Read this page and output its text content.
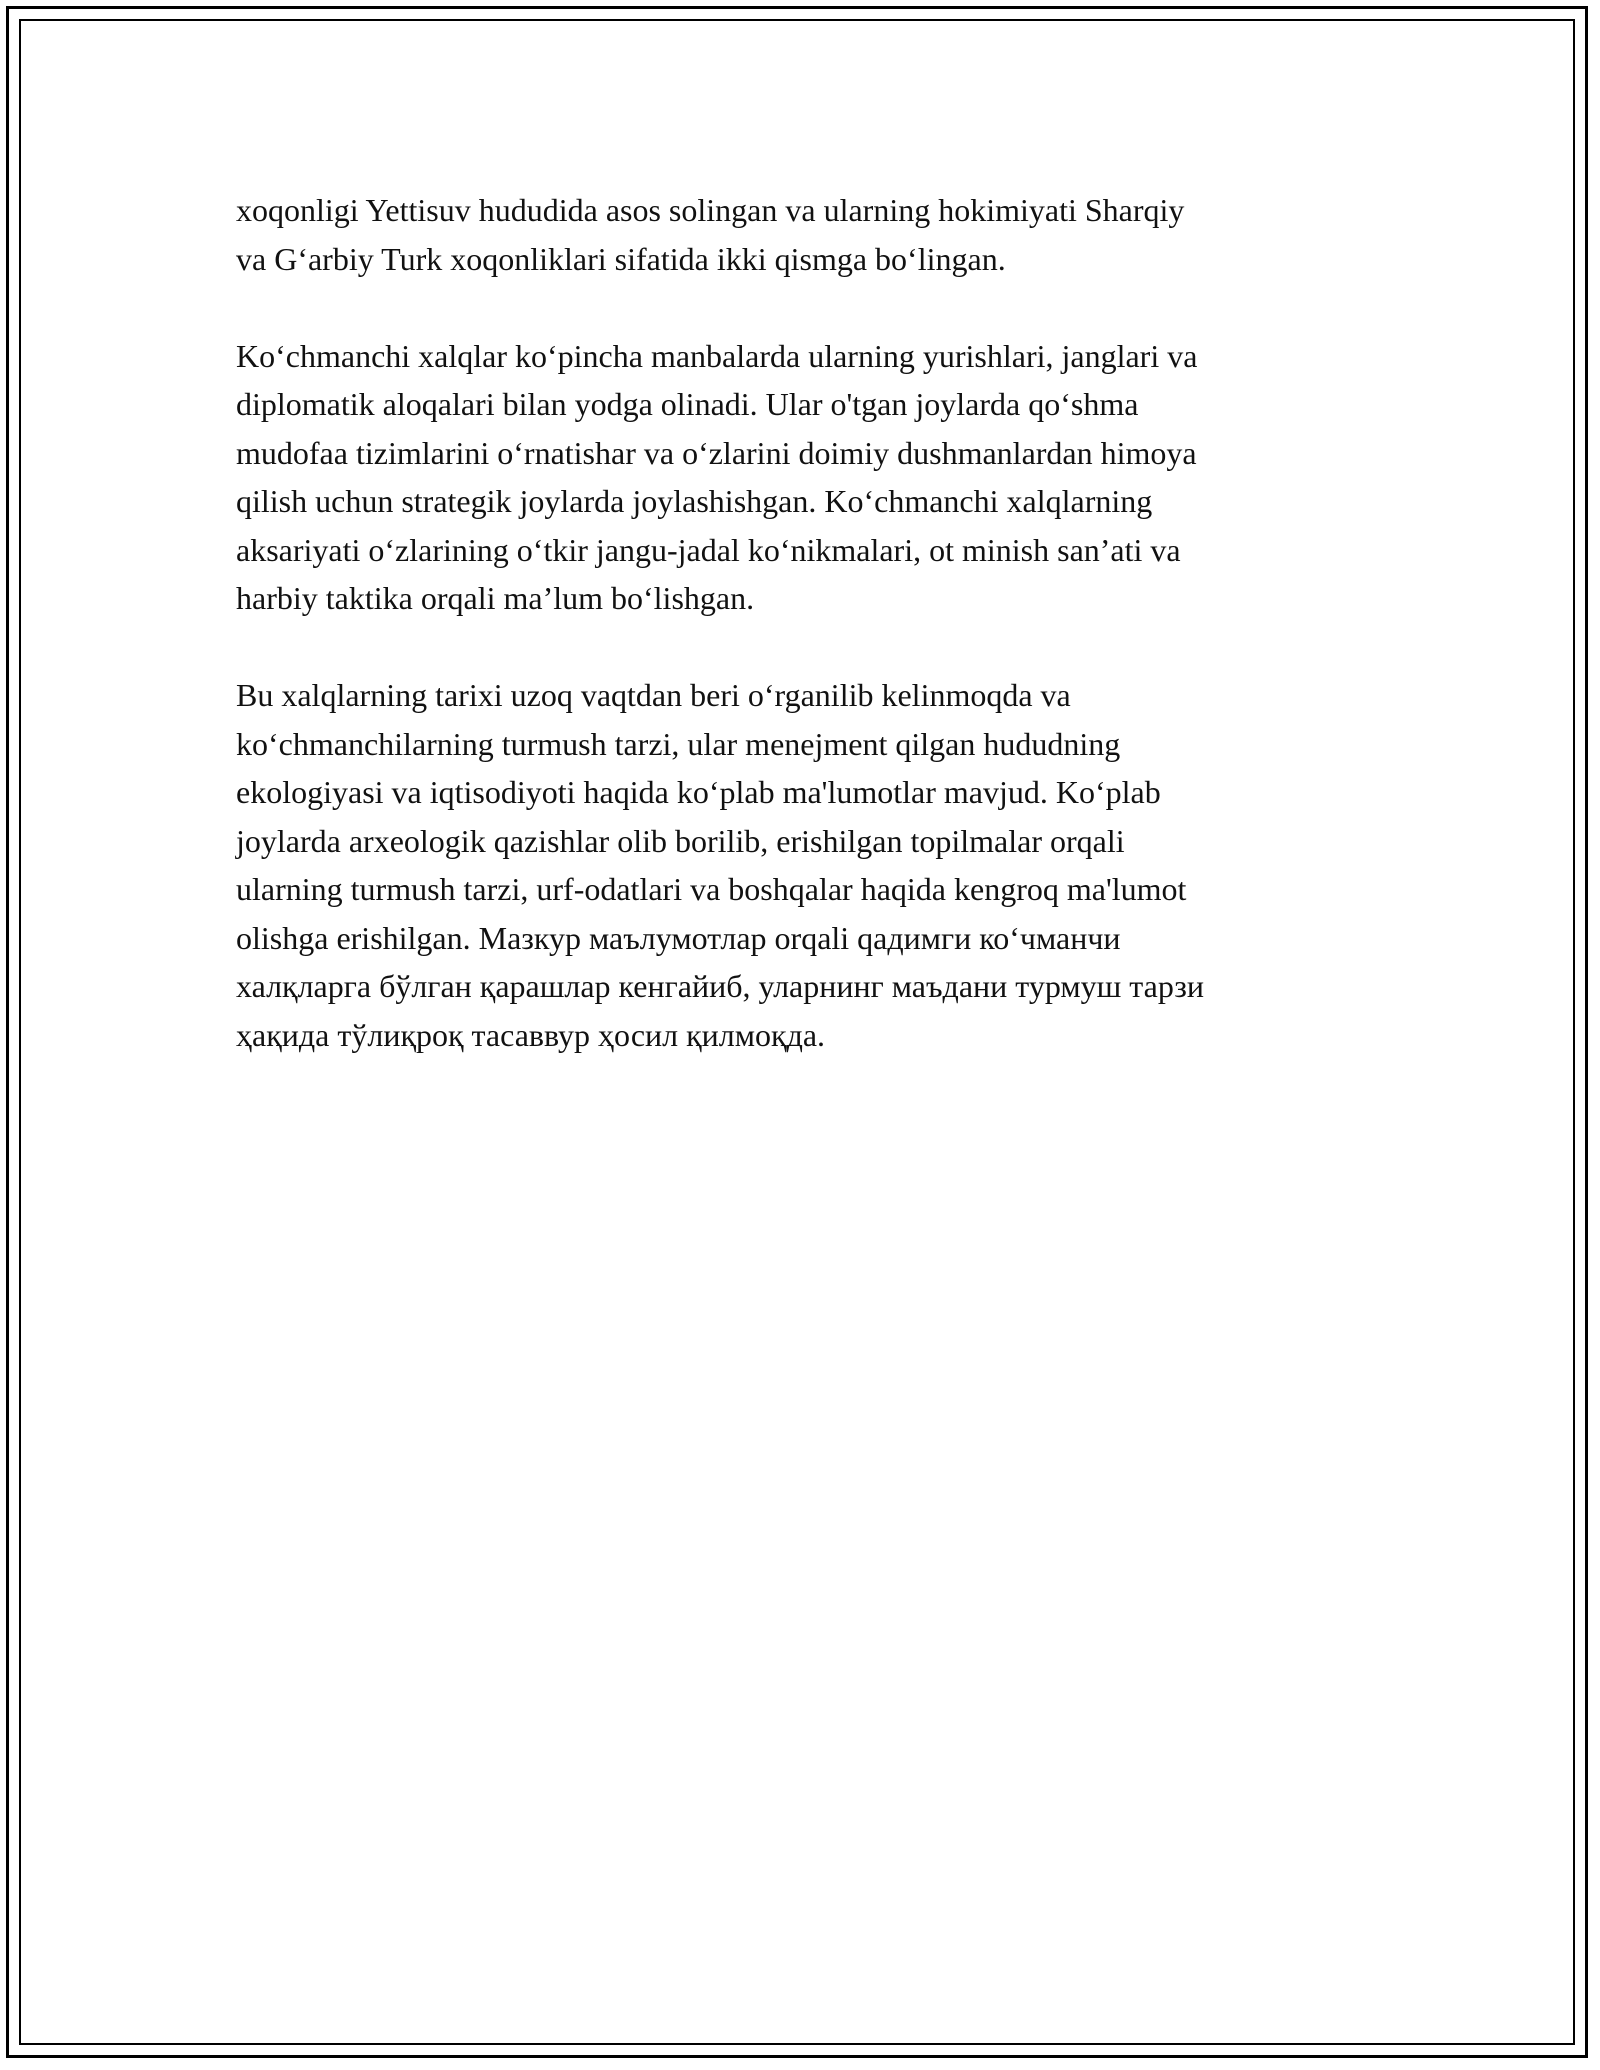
xoqonligi Yettisuv hududida asos solingan va ularning hokimiyati Sharqiy
va G‘arbiy Turk xoqonliklari sifatida ikki qismga bo‘lingan.

Ko‘chmanchi xalqlar ko‘pincha manbalarda ularning yurishlari, janglari va
diplomatik aloqalari bilan yodga olinadi. Ular o'tgan joylarda qo‘shma
mudofaa tizimlarini o‘rnatishar va o‘zlarini doimiy dushmanlardan himoya
qilish uchun strategik joylarda joylashishgan. Ko‘chmanchi xalqlarning
aksariyati o‘zlarining o‘tkir jangu-jadal ko‘nikmalari, ot minish san’ati va
harbiy taktika orqali ma’lum bo‘lishgan.

Bu xalqlarning tarixi uzoq vaqtdan beri o‘rganilib kelinmoqda va
ko‘chmanchilarning turmush tarzi, ular menejment qilgan hududning
ekologiyasi va iqtisodiyoti haqida ko‘plab ma'lumotlar mavjud. Ko‘plab
joylarda arxeologik qazishlar olib borilib, erishilgan topilmalar orqali
ularning turmush tarzi, urf-odatlari va boshqalar haqida kengroq ma'lumot
olishga erishilgan. Мазкур маълумотлар orqali qадимги ко‘чманчи
халқларга бўлган қарашлар кенгайиб, уларнинг маъдани турмуш тарзи
ҳақида тўлиқроқ тасаввур ҳосил қилмоқда.
